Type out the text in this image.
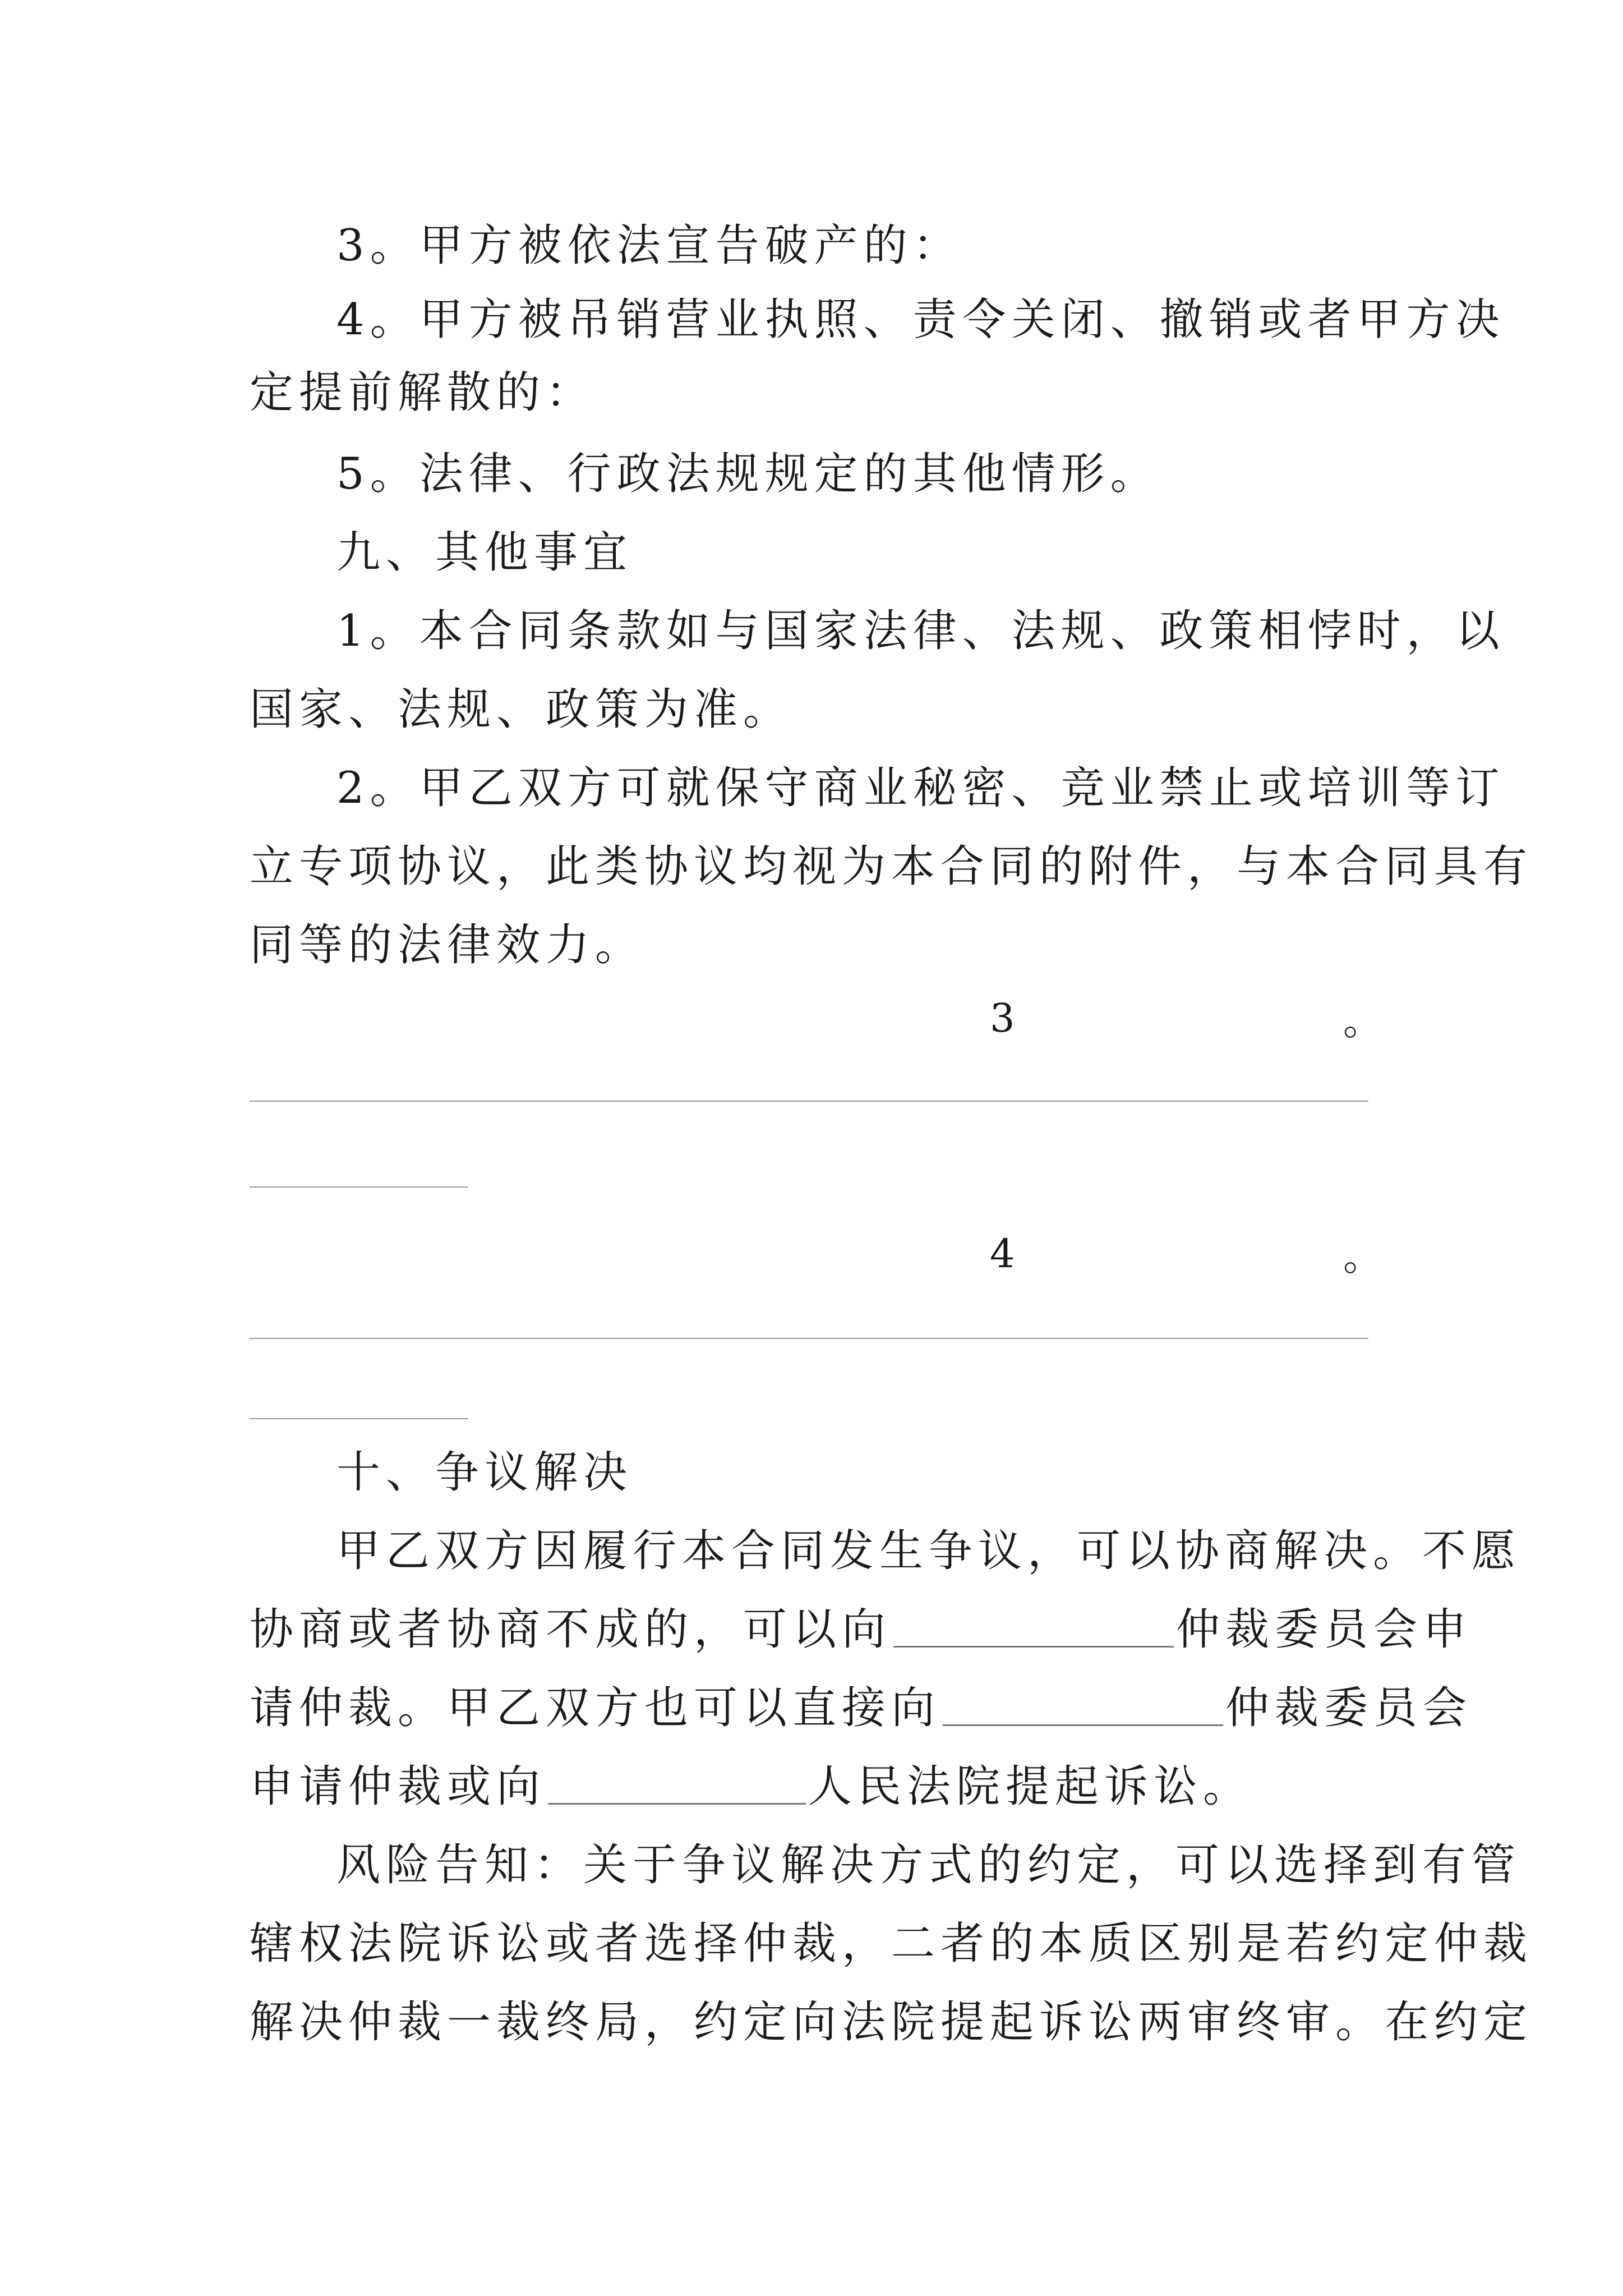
3。甲方被依法宣告破产的：
4。甲方被吊销营业执照、责令关闭、撤销或者甲方决
定提前解散的：
5。法律、行政法规规定的其他情形。
九、其他事宜
1。本合同条款如与国家法律、法规、政策相悖时，以
国家、法规、政策为准。
2。甲乙双方可就保守商业秘密、竞业禁止或培训等订
立专项协议，此类协议均视为本合同的附件，与本合同具有
同等的法律效力。
3	。
4	。
十、争议解决
甲乙双方因履行本合同发生争议，可以协商解决。不愿
协商或者协商不成的，可以向	仲裁委员会申
请仲裁。甲乙双方也可以直接向	仲裁委员会
申请仲裁或向	人民法院提起诉讼。
风险告知：关于争议解决方式的约定，可以选择到有管
辖权法院诉讼或者选择仲裁，二者的本质区别是若约定仲裁
解决仲裁一裁终局，约定向法院提起诉讼两审终审。在约定
